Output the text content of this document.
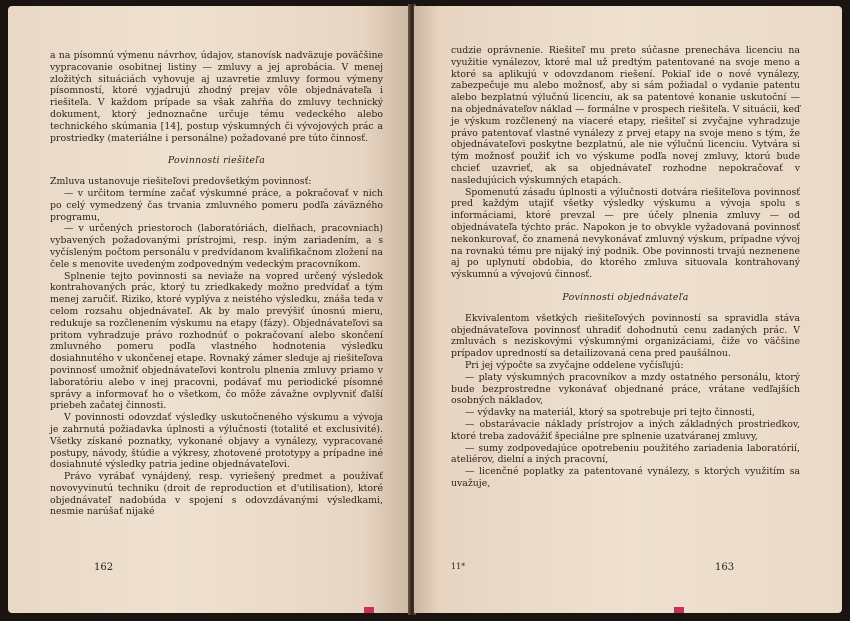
a na písomnú výmenu návrhov, údajov, stanovísk nadväzuje poväčšine vypracovanie osobitnej listiny — zmluvy a jej aprobácia. V menej zložitých situáciách vyhovuje aj uzavretie zmluvy formou výmeny písomností, ktoré vyjadrujú zhodný prejav vôle objednávateľa i riešiteľa. V každom prípade sa však zahŕňa do zmluvy technický dokument, ktorý jednoznačne určuje tému vedeckého alebo technického skúmania [14], postup výskumných či vývojových prác a prostriedky (materiálne i personálne) požadované pre túto činnosť.

Povinnosti riešiteľa

Zmluva ustanovuje riešiteľovi predovšetkým povinnosť:

— v určitom termíne začať výskumné práce, a pokračovať v nich po celý vymedzený čas trvania zmluvného pomeru podľa záväzného programu,

— v určených priestoroch (laboratóriách, dielňach, pracovniach) vybavených požadovanými prístrojmi, resp. iným zariadením, a s vyčísleným počtom personálu v predvídanom kvalifikačnom zložení na čele s menovite uvedeným zodpovedným vedeckým pracovníkom.

Splnenie tejto povinnosti sa neviaže na vopred určený výsledok kontrahovaných prác, ktorý tu zriedkakedy možno predvídať a tým menej zaručiť. Riziko, ktoré vyplýva z neistého výsledku, znáša teda v celom rozsahu objednávateľ. Ak by malo prevýšiť únosnú mieru, redukuje sa rozčlenením výskumu na etapy (fázy). Objednávateľovi sa pritom vyhradzuje právo rozhodnúť o pokračovaní alebo skončení zmluvného pomeru podľa vlastného hodnotenia výsledku dosiahnutého v ukončenej etape. Rovnaký zámer sleduje aj riešiteľova povinnosť umožniť objednávateľovi kontrolu plnenia zmluvy priamo v laboratóriu alebo v inej pracovni, podávať mu periodické písomné správy a informovať ho o všetkom, čo môže závažne ovplyvniť ďalší priebeh začatej činnosti.

V povinnosti odovzdať výsledky uskutočneného výskumu a vývoja je zahrnutá požiadavka úplnosti a výlučnosti (totalité et exclusivité). Všetky získané poznatky, vykonané objavy a vynálezy, vypracované postupy, návody, štúdie a výkresy, zhotovené prototypy a prípadne iné dosiahnuté výsledky patria jedine objednávateľovi.

Právo vyrábať vynájdený, resp. vyriešený predmet a používať novovyvinutú techniku (droit de reproduction et d'utilisation), ktoré objednávateľ nadobúda v spojení s odovzdávanými výsledkami, nesmie narúšať nijaké

162

cudzie oprávnenie. Riešiteľ mu preto súčasne prenecháva licenciu na využitie vynálezov, ktoré mal už predtým patentované na svoje meno a ktoré sa aplikujú v odovzdanom riešení. Pokiaľ ide o nové vynálezy, zabezpečuje mu alebo možnosť, aby si sám požiadal o vydanie patentu alebo bezplatnú výlučnú licenciu, ak sa patentové konanie uskutoční — na objednávateľov náklad — formálne v prospech riešiteľa. V situácii, keď je výskum rozčlenený na viaceré etapy, riešiteľ si zvyčajne vyhradzuje právo patentovať vlastné vynálezy z prvej etapy na svoje meno s tým, že objednávateľovi poskytne bezplatnú, ale nie výlučnú licenciu. Vytvára si tým možnosť použiť ich vo výskume podľa novej zmluvy, ktorú bude chcieť uzavrieť, ak sa objednávateľ rozhodne nepokračovať v nasledujúcich výskumných etapách.

Spomenutú zásadu úplnosti a výlučnosti dotvára riešiteľova povinnosť pred každým utajiť všetky výsledky výskumu a vývoja spolu s informáciami, ktoré prevzal — pre účely plnenia zmluvy — od objednávateľa týchto prác. Napokon je to obvykle vyžadovaná povinnosť nekonkurovať, čo znamená nevykonávať zmluvný výskum, prípadne vývoj na rovnakú tému pre nijaký iný podnik. Obe povinnosti trvajú neznenene aj po uplynutí obdobia, do ktorého zmluva situovala kontrahovaný výskumnú a vývojovú činnosť.

Povinnosti objednávateľa

Ekvivalentom všetkých riešiteľových povinností sa spravidla stáva objednávateľova povinnosť uhradiť dohodnutú cenu zadaných prác. V zmluvách s neziskovými výskumnými organizáciami, čiže vo väčšine prípadov upredností sa detailizovaná cena pred paušálnou.

Pri jej výpočte sa zvyčajne oddelene vyčísľujú:

— platy výskumných pracovníkov a mzdy ostatného personálu, ktorý bude bezprostredne vykonávať objednané práce, vrátane vedľajších osobných nákladov,

— výdavky na materiál, ktorý sa spotrebuje pri tejto činnosti,

— obstarávacie náklady prístrojov a iných základných prostriedkov, ktoré treba zadovážiť špeciálne pre splnenie uzatváranej zmluvy,

— sumy zodpovedajúce opotrebeniu použitého zariadenia laboratórií, ateliérov, dielní a iných pracovní,

— licenčné poplatky za patentované vynálezy, s ktorých využitím sa uvažuje,

11*	163
